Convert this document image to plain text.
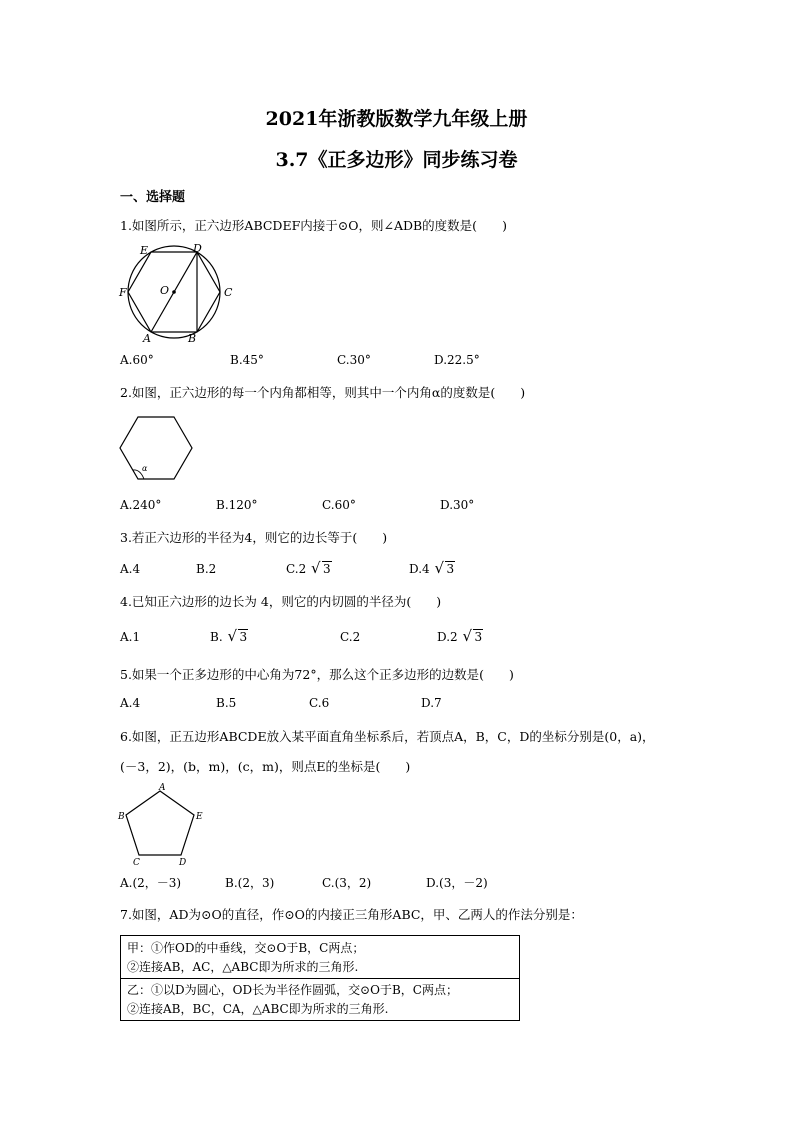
2021年浙教版数学九年级上册
3.7《正多边形》同步练习卷
一、选择题
1.如图所示，正六边形ABCDEF内接于⊙O，则∠ADB的度数是(　　)
E	D
F	O	C
A	B
A.60°	B.45°	C.30°	D.22.5°
2.如图，正六边形的每一个内角都相等，则其中一个内角α的度数是(　　)
α
A.240°	B.120°	C.60°	D.30°
3.若正六边形的半径为4，则它的边长等于(　　)
A.4	B.2	C.2 √ 3	D.4 √ 3
4.已知正六边形的边长为 4，则它的内切圆的半径为(　　)
A.1	B. √ 3	C.2	D.2 √ 3
5.如果一个正多边形的中心角为72°，那么这个正多边形的边数是(　　)
A.4	B.5	C.6	D.7
6.如图，正五边形ABCDE放入某平面直角坐标系后，若顶点A，B，C，D的坐标分别是(0，a)，
(－3，2)，(b，m)，(c，m)，则点E的坐标是(　　)
A
B	E
C	D
A.(2，－3)	B.(2，3)	C.(3，2)	D.(3，－2)
7.如图，AD为⊙O的直径，作⊙O的内接正三角形ABC，甲、乙两人的作法分别是：
甲：①作OD的中垂线，交⊙O于B，C两点；
②连接AB，AC，△ABC即为所求的三角形.
乙：①以D为圆心，OD长为半径作圆弧，交⊙O于B，C两点；
②连接AB，BC，CA，△ABC即为所求的三角形.
